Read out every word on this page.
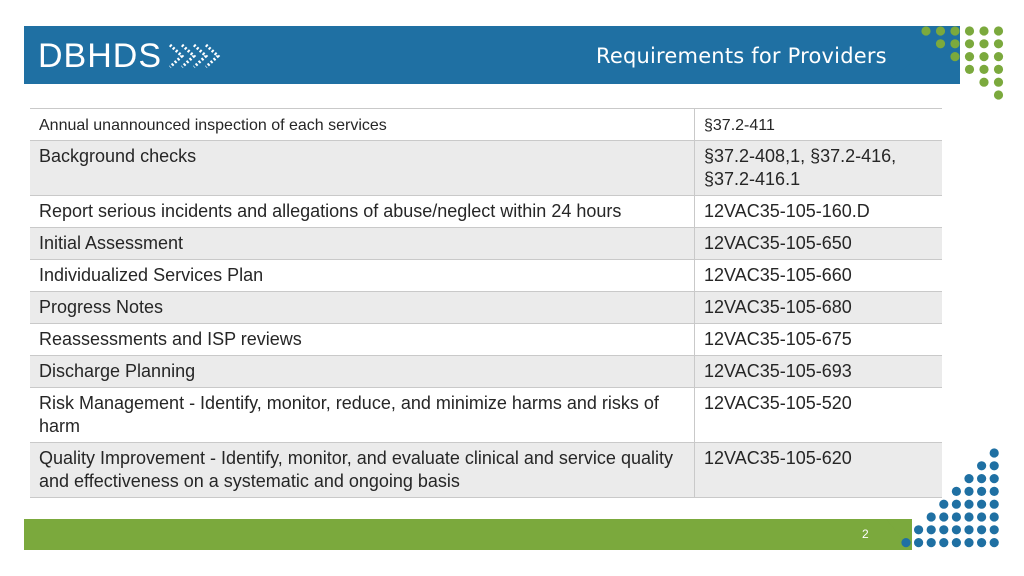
DBHDS	Requirements for Providers
Annual unannounced inspection of each services	§37.2-411
Background checks	§37.2-408,1, §37.2-416, §37.2-416.1
Report serious incidents and allegations of abuse/neglect within 24 hours	12VAC35-105-160.D
Initial Assessment	12VAC35-105-650
Individualized Services Plan	12VAC35-105-660
Progress Notes	12VAC35-105-680
Reassessments and ISP reviews	12VAC35-105-675
Discharge Planning	12VAC35-105-693
Risk Management - Identify, monitor, reduce, and minimize harms and risks of harm	12VAC35-105-520
Quality Improvement - Identify, monitor, and evaluate clinical and service quality and effectiveness on a systematic and ongoing basis	12VAC35-105-620
2
